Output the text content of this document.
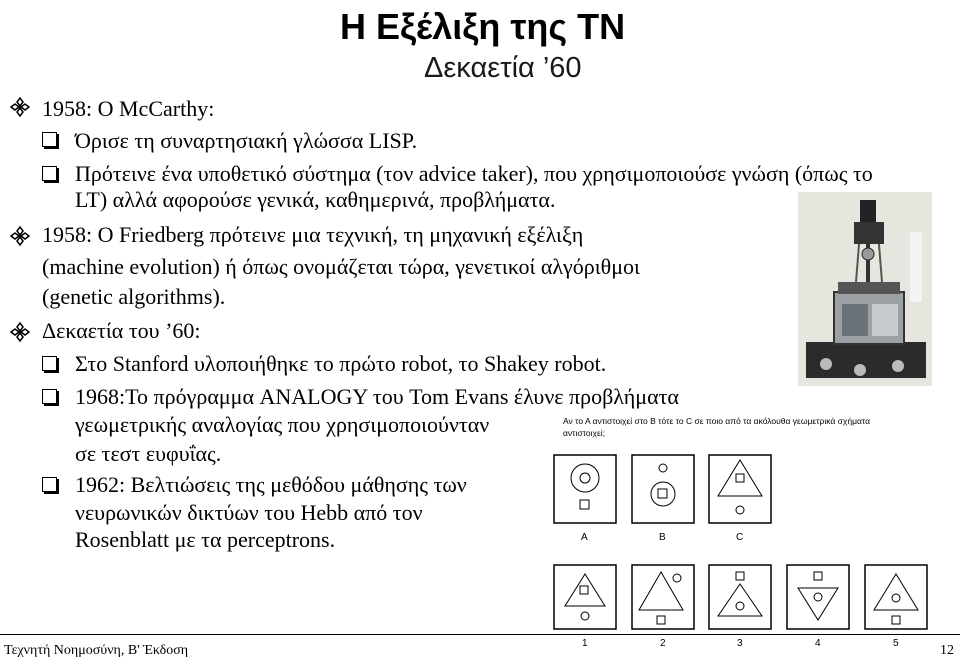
Η Εξέλιξη της ΤΝ
Δεκαετία ’60
1958: O McCarthy:
Όρισε τη συναρτησιακή γλώσσα LISP.
Πρότεινε ένα υποθετικό σύστημα (τον advice taker), που χρησιμοποιούσε γνώση (όπως το
LT) αλλά αφορούσε γενικά, καθημερινά, προβλήματα.
1958: O Friedberg πρότεινε μια τεχνική, τη μηχανική εξέλιξη
(machine evolution) ή όπως ονομάζεται τώρα, γενετικοί αλγόριθμοι
(genetic algorithms).
Δεκαετία του ’60:
Στο Stanford υλοποιήθηκε το πρώτο robot, το Shakey robot.
1968:Το πρόγραμμα ANALOGY του Tom Evans έλυνε προβλήματα
γεωμετρικής αναλογίας που χρησιμοποιούνταν
σε τεστ ευφυΐας.
1962: Βελτιώσεις της μεθόδου μάθησης των
νευρωνικών δικτύων του Hebb από τον
Rosenblatt με τα perceptrons.
Αν το Α αντιστοιχεί στο Β τότε το C σε ποιο από τα ακόλουθα γεωμετρικά σχήματα
αντιστοιχεί;
A	B	C
1	2	3	4	5
Τεχνητή Νοημοσύνη, Β' Έκδοση	12
